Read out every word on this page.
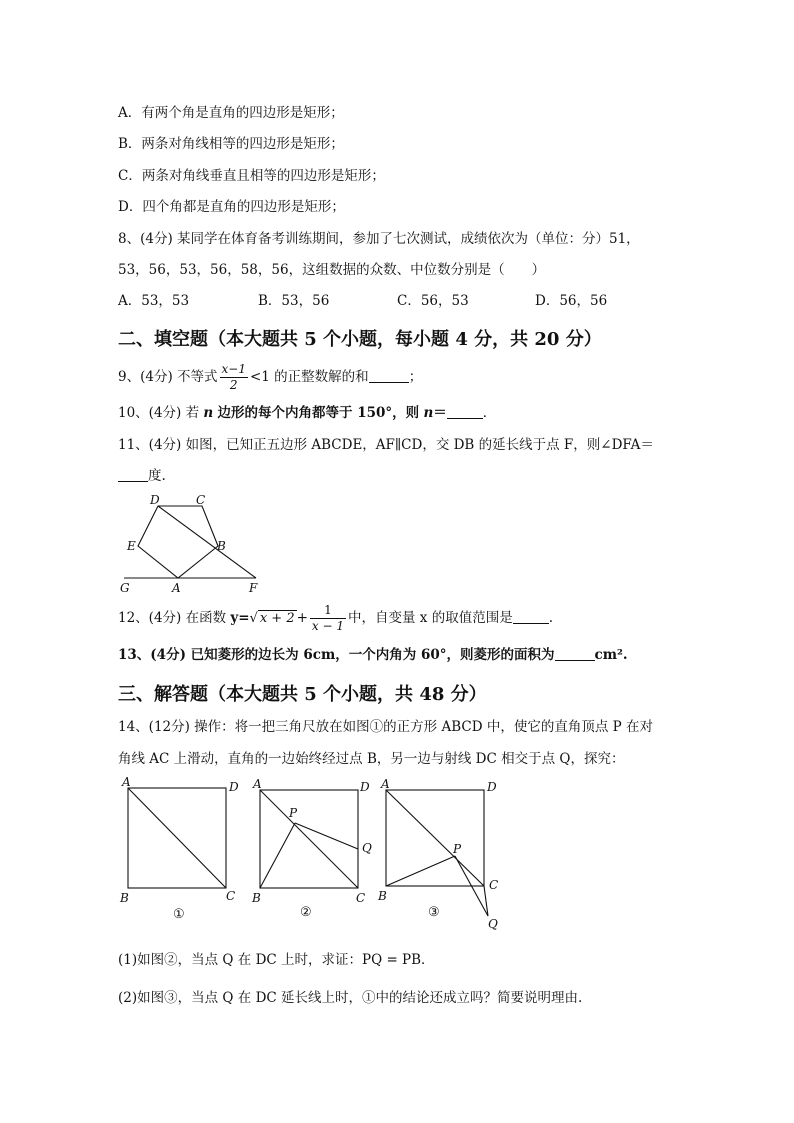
A．有两个角是直角的四边形是矩形；
B．两条对角线相等的四边形是矩形；
C．两条对角线垂直且相等的四边形是矩形；
D．四个角都是直角的四边形是矩形；
8、(4分) 某同学在体育备考训练期间，参加了七次测试，成绩依次为（单位：分）51，
53，56，53，56，58，56，这组数据的众数、中位数分别是（　　）
A．53，53	B．53，56	C．56，53	D．56，56
二、填空题（本大题共 5 个小题，每小题 4 分，共 20 分）
9、(4分) 不等式 $\frac{x-1}{2} <1$ 的正整数解的和	；
10、(4分) 若 n 边形的每个内角都等于 150°，则 n＝	．
11、(4分) 如图，已知正五边形 ABCDE，AF∥CD，交 DB 的延长线于点 F，则∠DFA＝
度.
D	C
E	B
G	A	F
12、(4分) 在函数 y=√ $x + 2 + \frac{1}{x - 1}$ 中，自变量 x 的取值范围是	.
13、(4分) 已知菱形的边长为 6cm，一个内角为 60°，则菱形的面积为	cm².
三、解答题（本大题共 5 个小题，共 48 分）
14、(12分) 操作：将一把三角尺放在如图①的正方形 ABCD 中，使它的直角顶点 P 在对
角线 AC 上滑动，直角的一边始终经过点 B，另一边与射线 DC 相交于点 Q，探究：
A	D
B	C
①
A	D
P
Q
B	C
②
A	D
P
C
B
③
Q
(1)如图②，当点 Q 在 DC 上时，求证：PQ = PB．
(2)如图③，当点 Q 在 DC 延长线上时，①中的结论还成立吗？简要说明理由.
